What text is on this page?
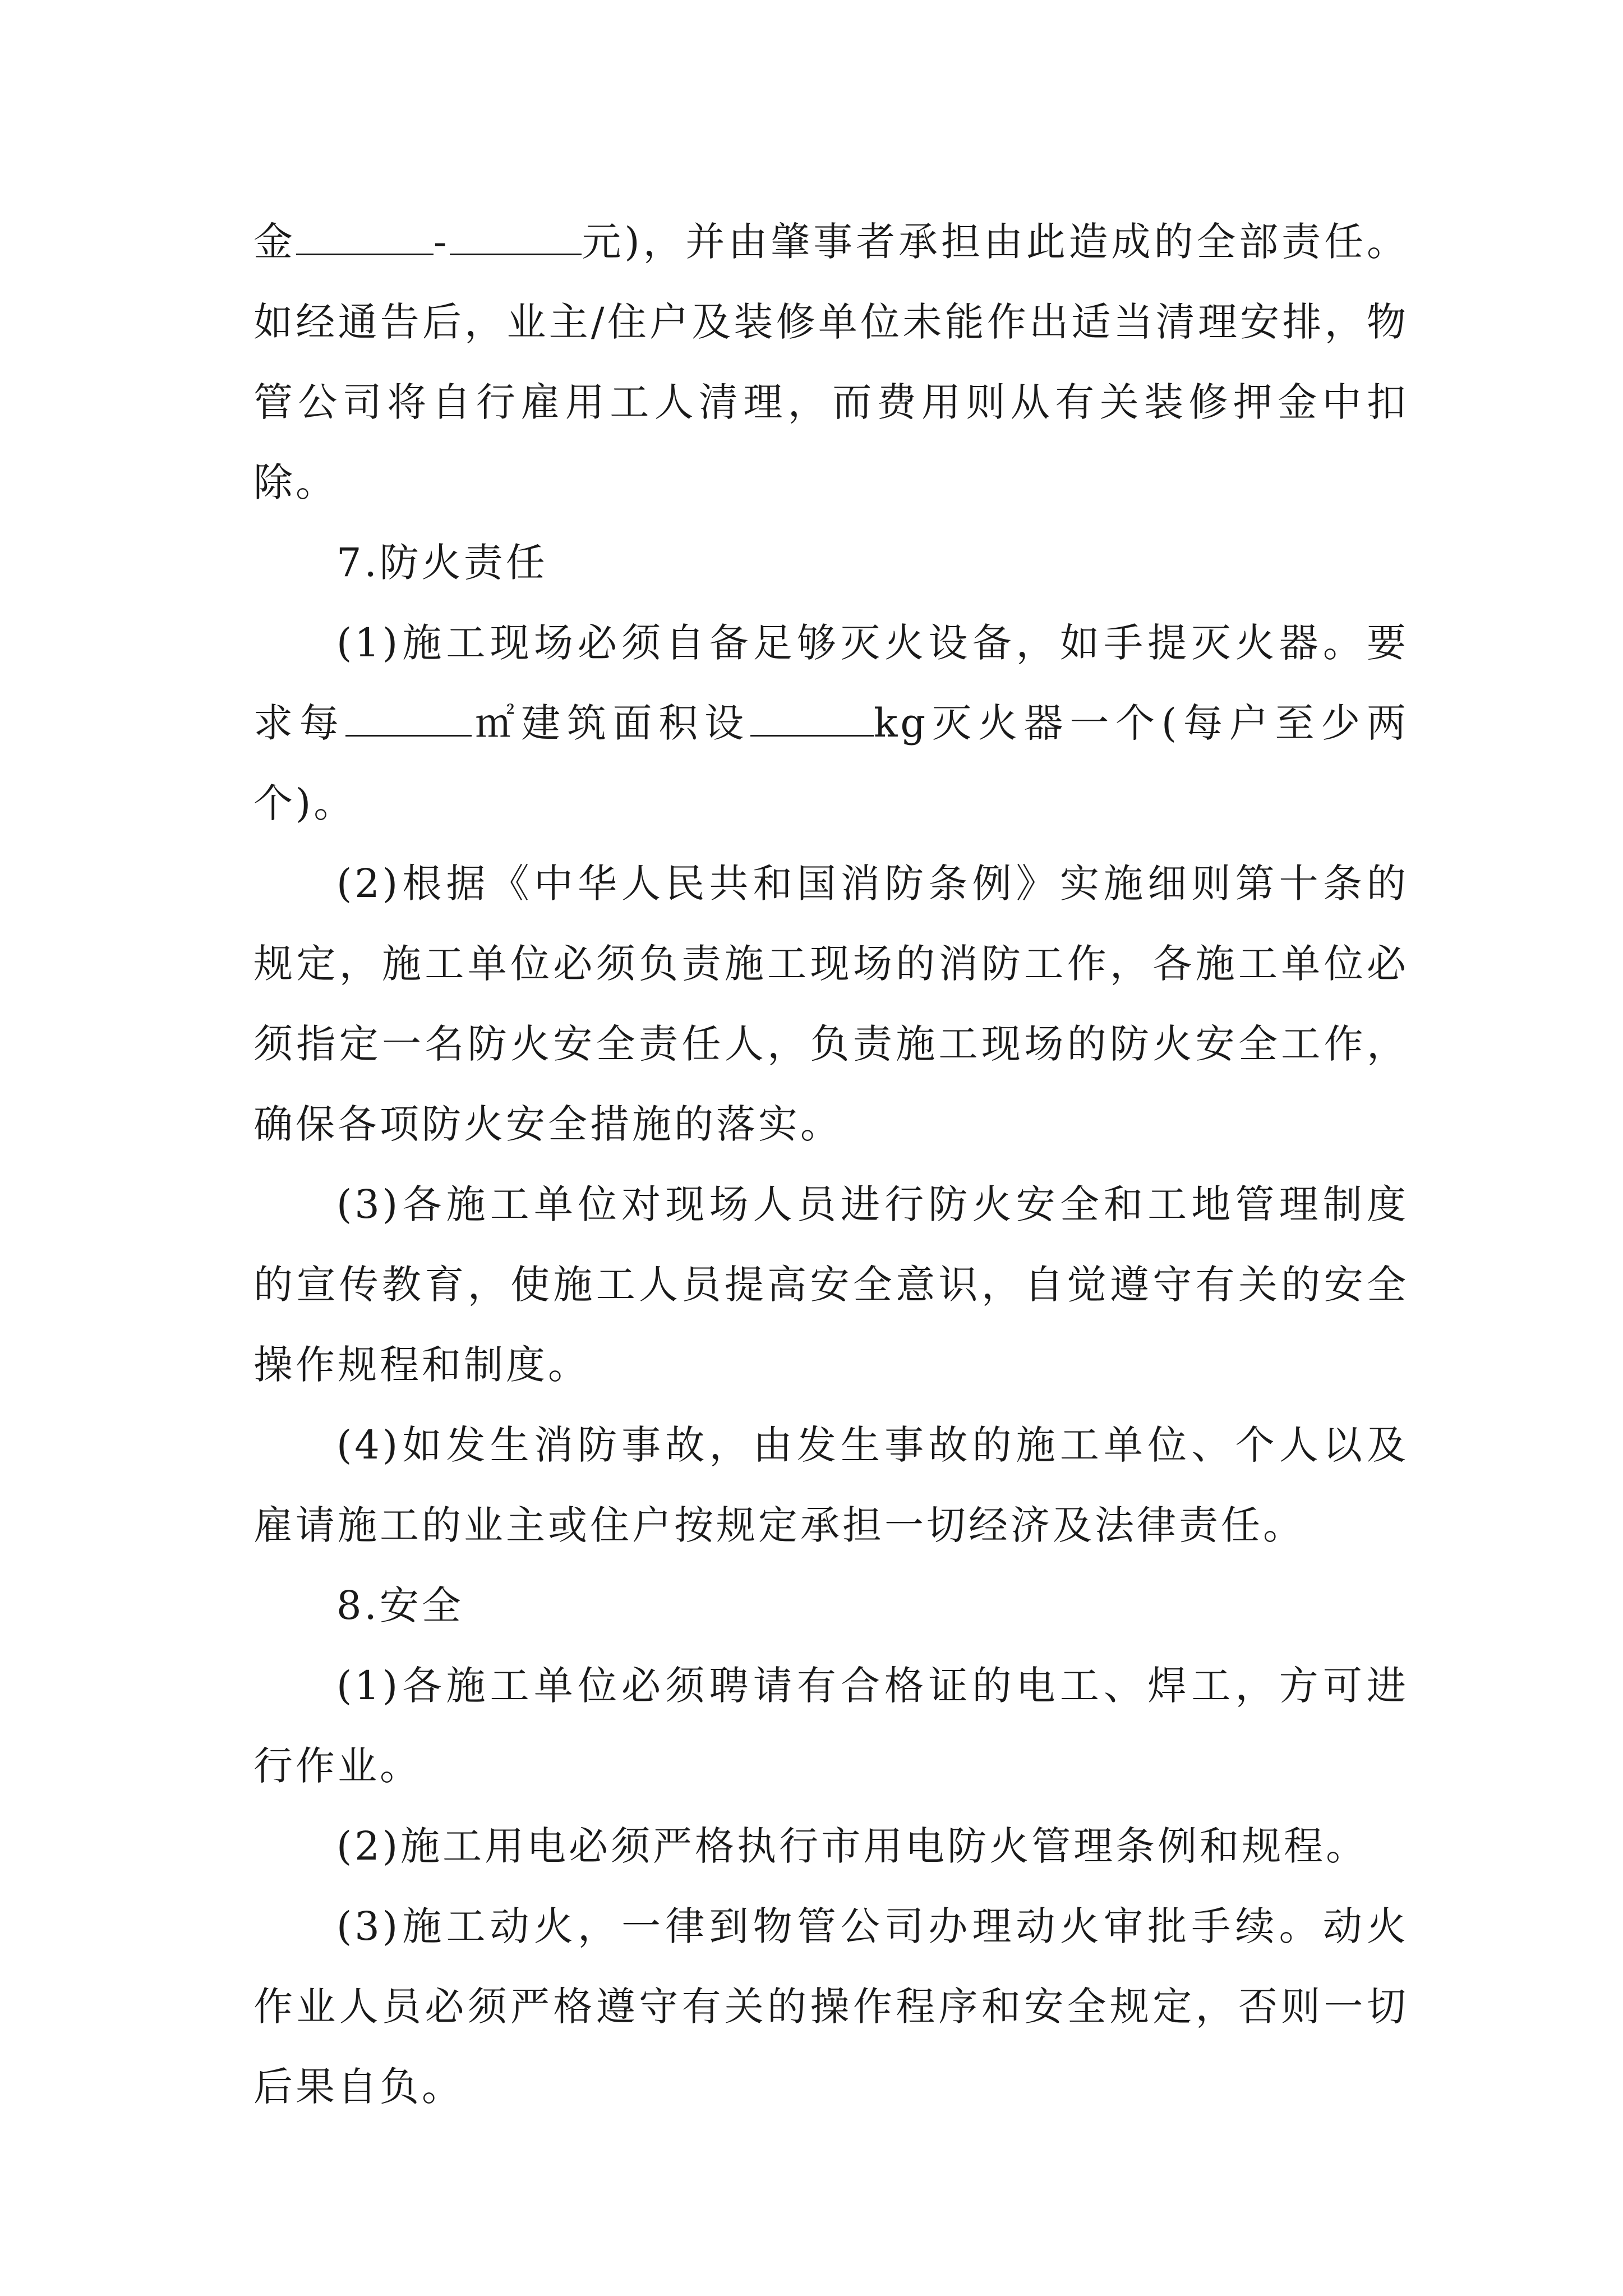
金	-	元)，并由肇事者承担由此造成的全部责任。如经通告后，业主/住户及装修单位未能作出适当清理安排，物管公司将自行雇用工人清理，而费用则从有关装修押金中扣除。

7.防火责任

(1)施工现场必须自备足够灭火设备，如手提灭火器。要求每	㎡建筑面积设	kg灭火器一个(每户至少两个)。

(2)根据《中华人民共和国消防条例》实施细则第十条的规定，施工单位必须负责施工现场的消防工作，各施工单位必须指定一名防火安全责任人，负责施工现场的防火安全工作，确保各项防火安全措施的落实。

(3)各施工单位对现场人员进行防火安全和工地管理制度的宣传教育，使施工人员提高安全意识，自觉遵守有关的安全操作规程和制度。

(4)如发生消防事故，由发生事故的施工单位、个人以及雇请施工的业主或住户按规定承担一切经济及法律责任。

8.安全

(1)各施工单位必须聘请有合格证的电工、焊工，方可进行作业。

(2)施工用电必须严格执行市用电防火管理条例和规程。

(3)施工动火，一律到物管公司办理动火审批手续。动火作业人员必须严格遵守有关的操作程序和安全规定，否则一切后果自负。
